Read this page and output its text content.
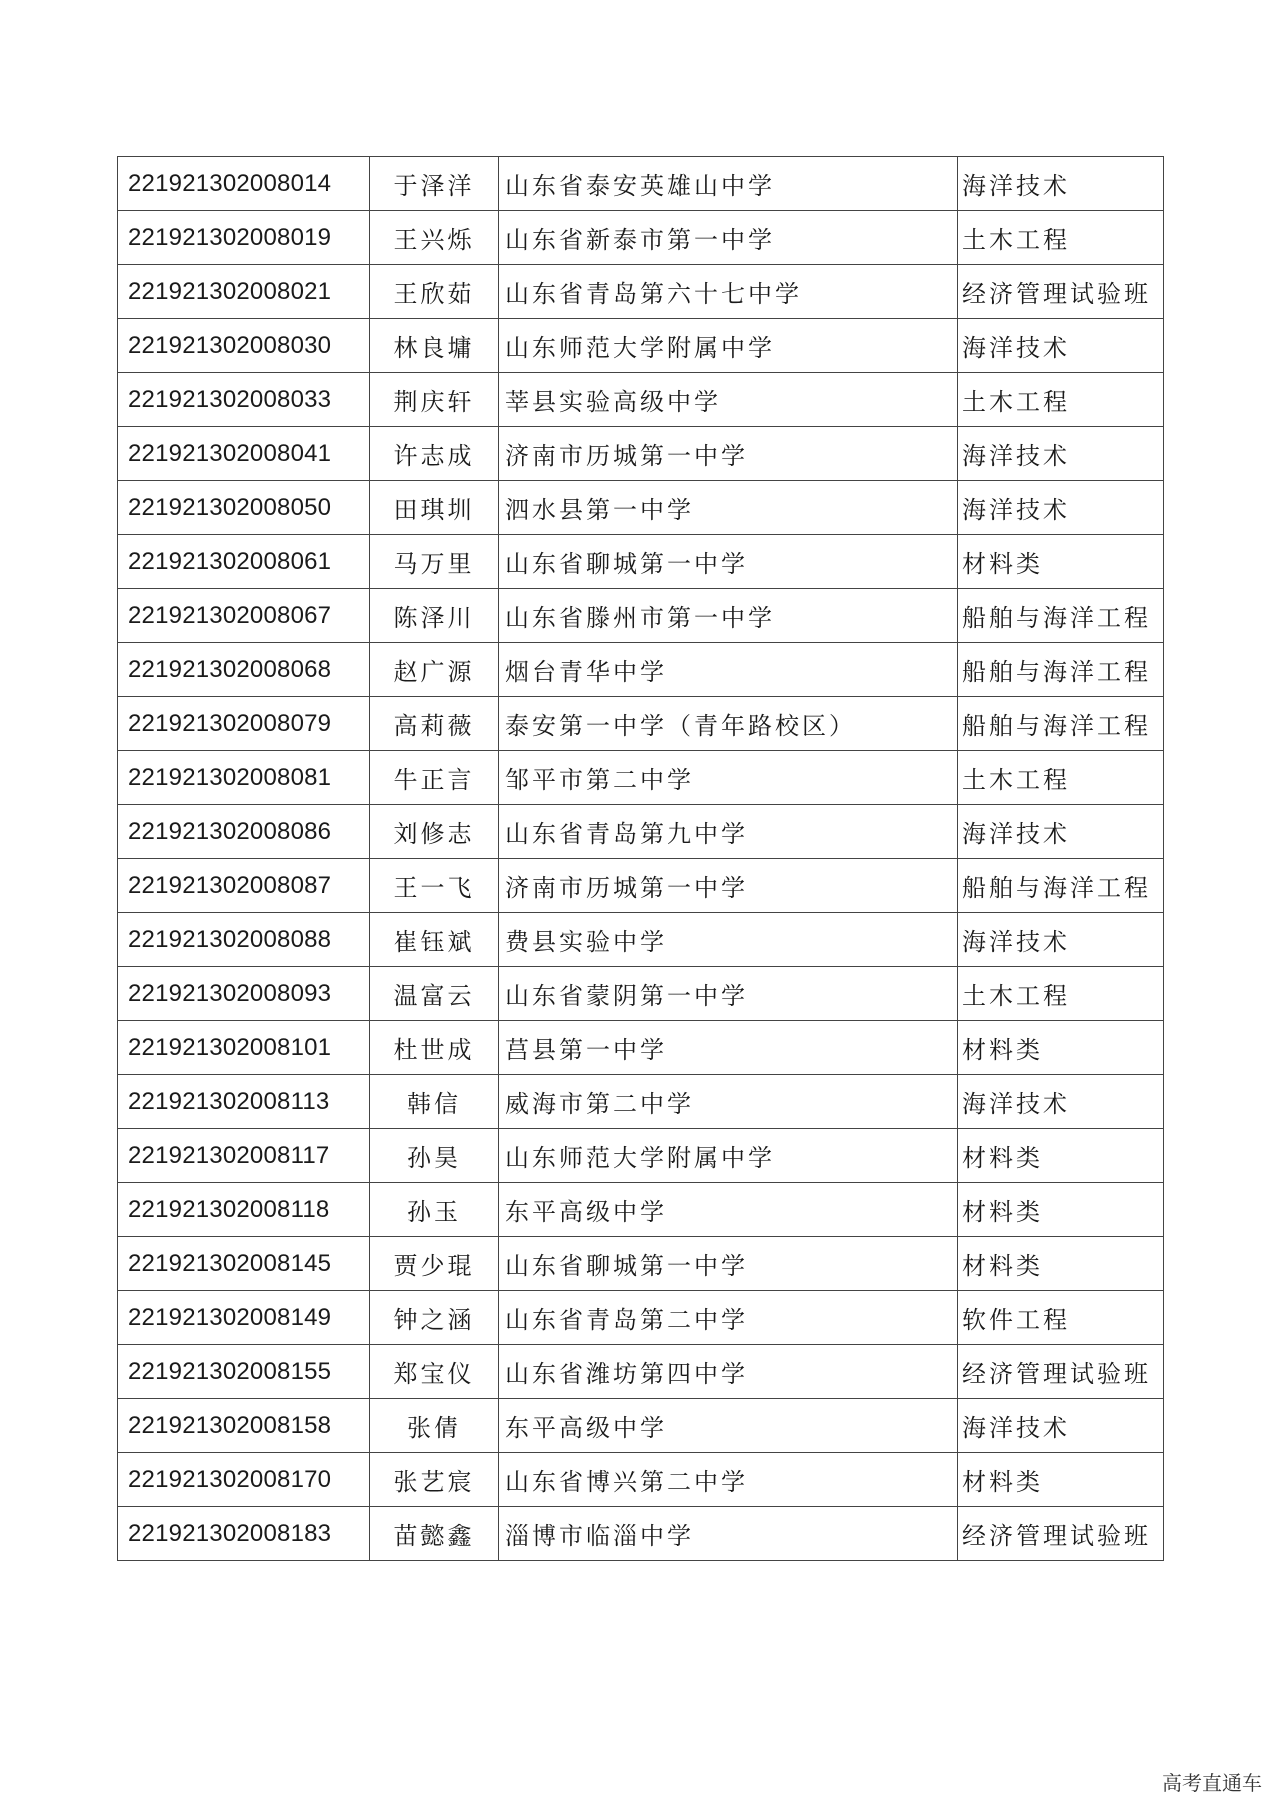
221921302008014	于泽洋	山东省泰安英雄山中学	海洋技术
221921302008019	王兴烁	山东省新泰市第一中学	土木工程
221921302008021	王欣茹	山东省青岛第六十七中学	经济管理试验班
221921302008030	林良墉	山东师范大学附属中学	海洋技术
221921302008033	荆庆轩	莘县实验高级中学	土木工程
221921302008041	许志成	济南市历城第一中学	海洋技术
221921302008050	田琪圳	泗水县第一中学	海洋技术
221921302008061	马万里	山东省聊城第一中学	材料类
221921302008067	陈泽川	山东省滕州市第一中学	船舶与海洋工程
221921302008068	赵广源	烟台青华中学	船舶与海洋工程
221921302008079	高莉薇	泰安第一中学（青年路校区）	船舶与海洋工程
221921302008081	牛正言	邹平市第二中学	土木工程
221921302008086	刘修志	山东省青岛第九中学	海洋技术
221921302008087	王一飞	济南市历城第一中学	船舶与海洋工程
221921302008088	崔钰斌	费县实验中学	海洋技术
221921302008093	温富云	山东省蒙阴第一中学	土木工程
221921302008101	杜世成	莒县第一中学	材料类
221921302008113	韩信	威海市第二中学	海洋技术
221921302008117	孙昊	山东师范大学附属中学	材料类
221921302008118	孙玉	东平高级中学	材料类
221921302008145	贾少琨	山东省聊城第一中学	材料类
221921302008149	钟之涵	山东省青岛第二中学	软件工程
221921302008155	郑宝仪	山东省潍坊第四中学	经济管理试验班
221921302008158	张倩	东平高级中学	海洋技术
221921302008170	张艺宸	山东省博兴第二中学	材料类
221921302008183	苗懿鑫	淄博市临淄中学	经济管理试验班
高考直通车
